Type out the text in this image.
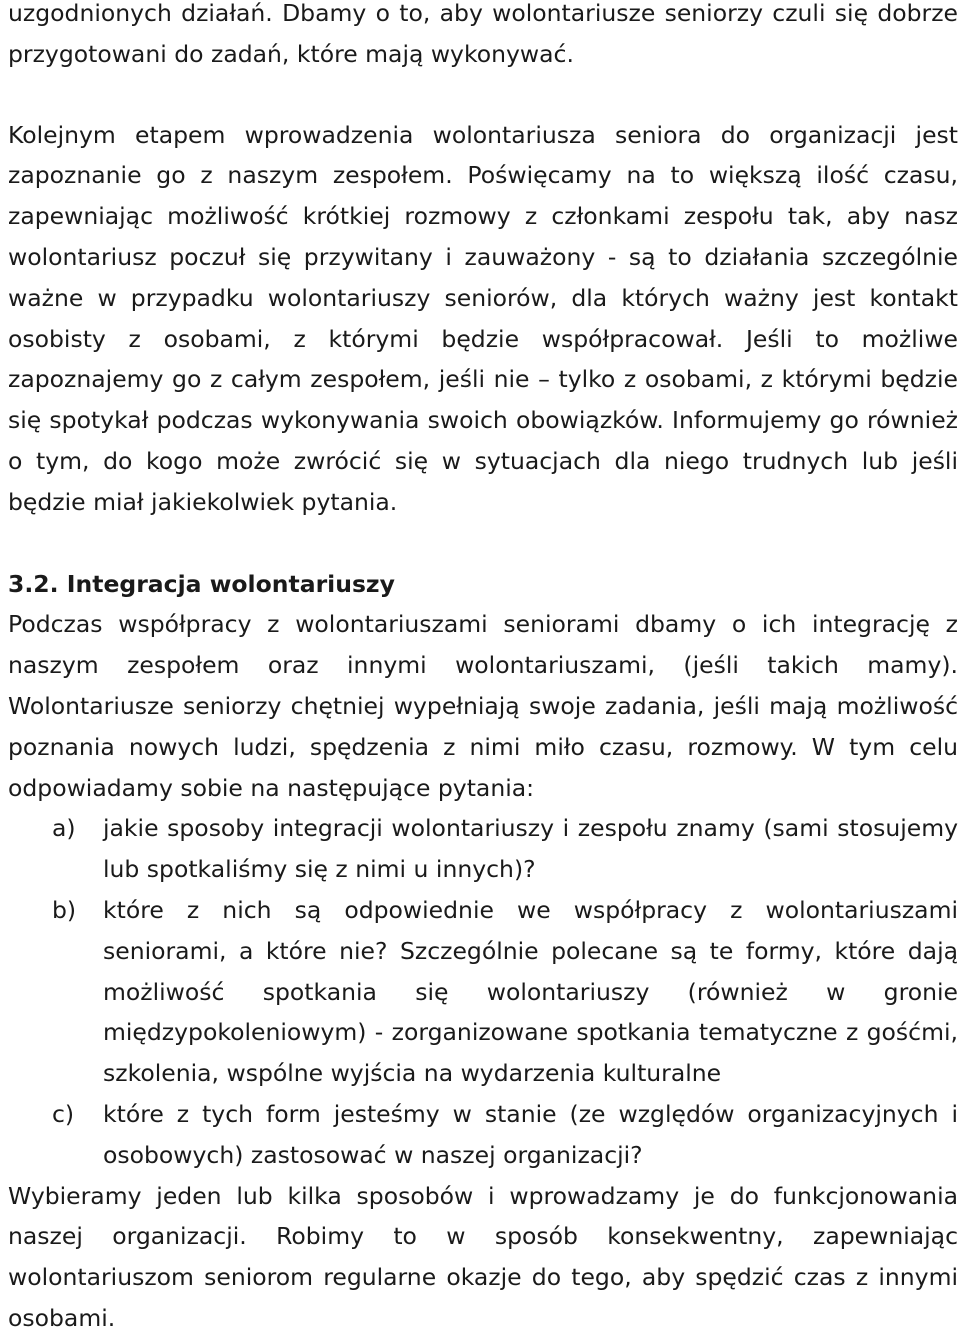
uzgodnionych działań. Dbamy o to, aby wolontariusze seniorzy czuli się dobrze przygotowani do zadań, które mają wykonywać.

Kolejnym etapem wprowadzenia wolontariusza seniora do organizacji jest zapoznanie go z naszym zespołem. Poświęcamy na to większą ilość czasu, zapewniając możliwość krótkiej rozmowy z członkami zespołu tak, aby nasz wolontariusz poczuł się przywitany i zauważony - są to działania szczególnie ważne w przypadku wolontariuszy seniorów, dla których ważny jest kontakt osobisty z osobami, z którymi będzie współpracował. Jeśli to możliwe zapoznajemy go z całym zespołem, jeśli nie – tylko z osobami, z którymi będzie się spotykał podczas wykonywania swoich obowiązków. Informujemy go również o tym, do kogo może zwrócić się w sytuacjach dla niego trudnych lub jeśli będzie miał jakiekolwiek pytania.

3.2. Integracja wolontariuszy

Podczas współpracy z wolontariuszami seniorami dbamy o ich integrację z naszym zespołem oraz innymi wolontariuszami, (jeśli takich mamy). Wolontariusze seniorzy chętniej wypełniają swoje zadania, jeśli mają możliwość poznania nowych ludzi, spędzenia z nimi miło czasu, rozmowy. W tym celu odpowiadamy sobie na następujące pytania:

a) jakie sposoby integracji wolontariuszy i zespołu znamy (sami stosujemy lub spotkaliśmy się z nimi u innych)?
b) które z nich są odpowiednie we współpracy z wolontariuszami seniorami, a które nie? Szczególnie polecane są te formy, które dają możliwość spotkania się wolontariuszy (również w gronie międzypokoleniowym) - zorganizowane spotkania tematyczne z gośćmi, szkolenia, wspólne wyjścia na wydarzenia kulturalne
c) które z tych form jesteśmy w stanie (ze względów organizacyjnych i osobowych) zastosować w naszej organizacji?

Wybieramy jeden lub kilka sposobów i wprowadzamy je do funkcjonowania naszej organizacji. Robimy to w sposób konsekwentny, zapewniając wolontariuszom seniorom regularne okazje do tego, aby spędzić czas z innymi osobami.
